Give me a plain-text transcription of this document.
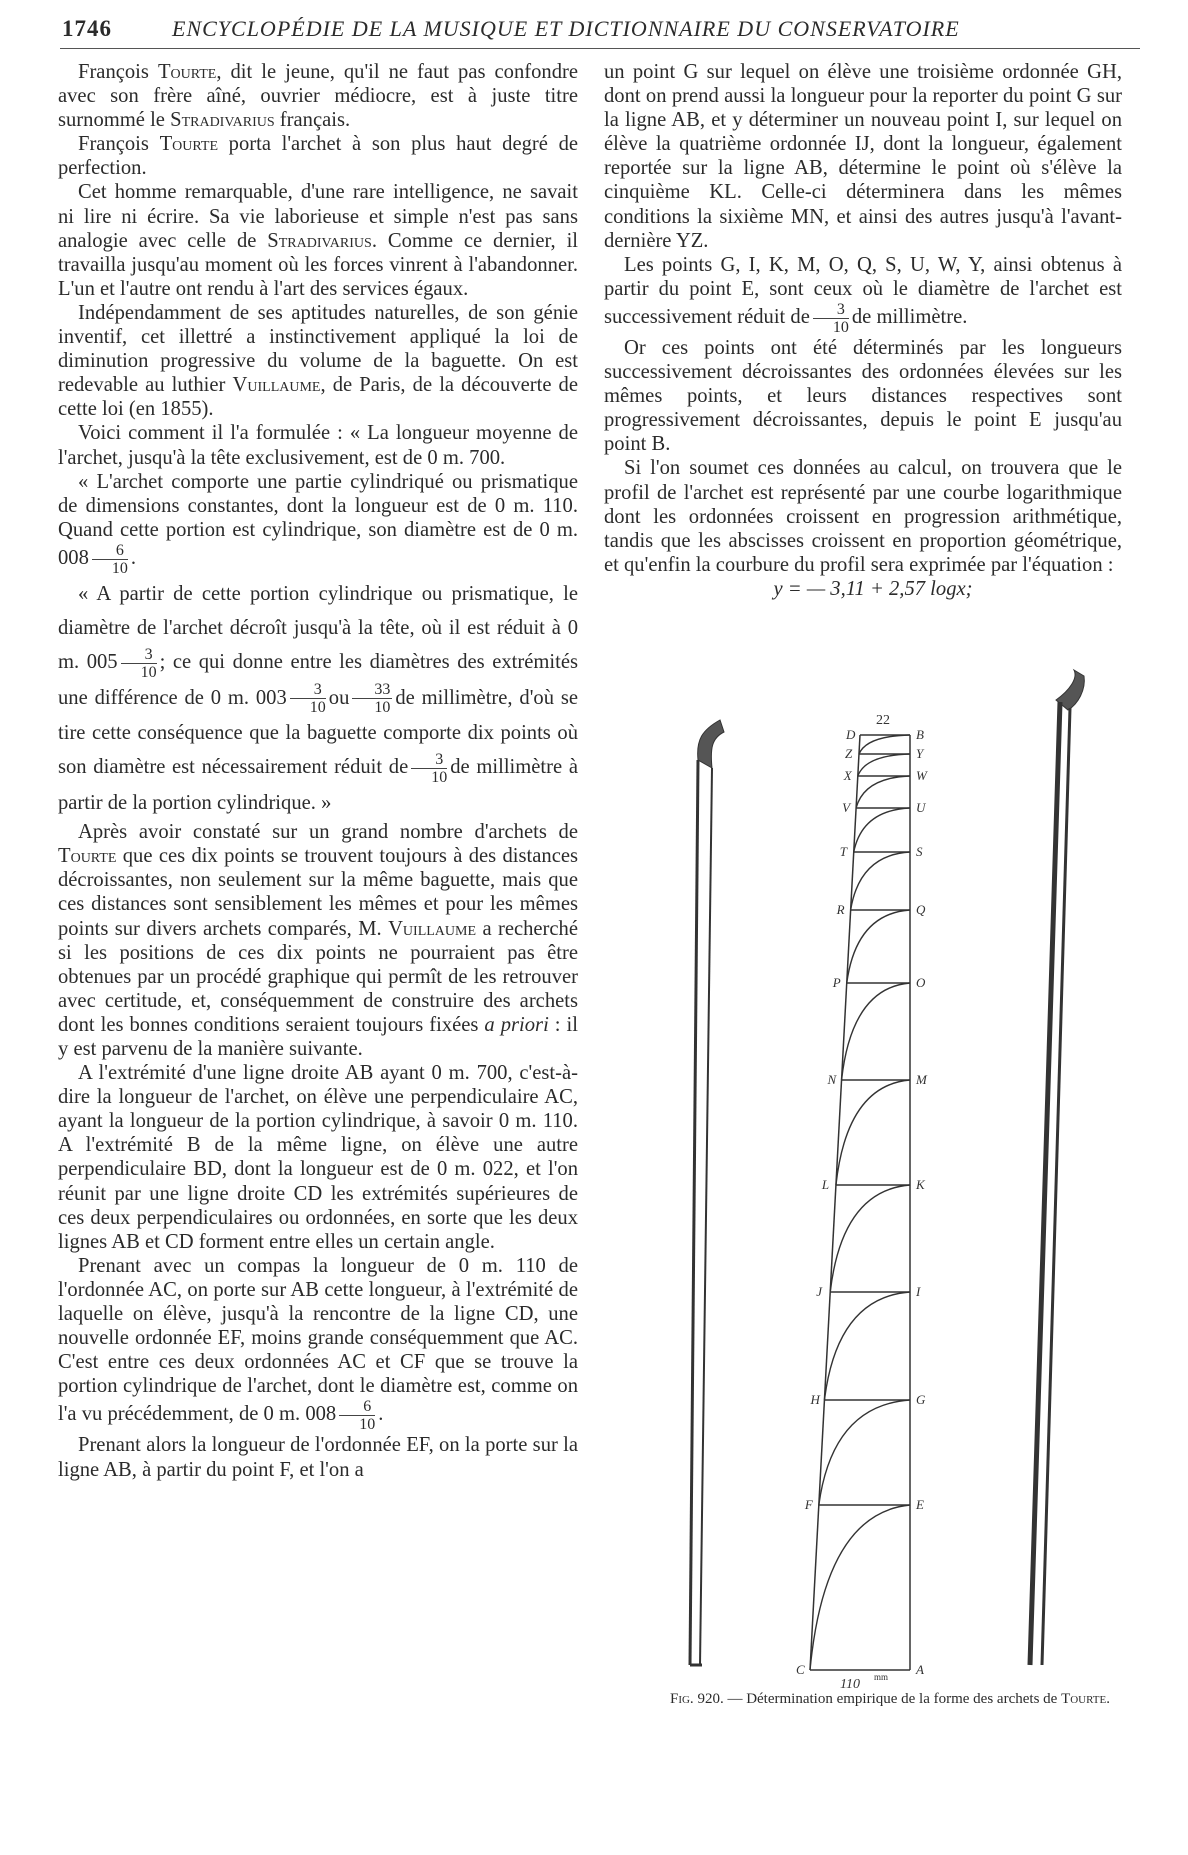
1746	ENCYCLOPÉDIE DE LA MUSIQUE ET DICTIONNAIRE DU CONSERVATOIRE

François Tourte, dit le jeune, qu'il ne faut pas confondre avec son frère aîné, ouvrier médiocre, est à juste titre surnommé le Stradivarius français.

François Tourte porta l'archet à son plus haut degré de perfection.

Cet homme remarquable, d'une rare intelligence, ne savait ni lire ni écrire. Sa vie laborieuse et simple n'est pas sans analogie avec celle de Stradivarius. Comme ce dernier, il travailla jusqu'au moment où les forces vinrent à l'abandonner. L'un et l'autre ont rendu à l'art des services égaux.

Indépendamment de ses aptitudes naturelles, de son génie inventif, cet illettré a instinctivement appliqué la loi de diminution progressive du volume de la baguette. On est redevable au luthier Vuillaume, de Paris, de la découverte de cette loi (en 1855).

Voici comment il l'a formulée : « La longueur moyenne de l'archet, jusqu'à la tête exclusivement, est de 0 m. 700.

« L'archet comporte une partie cylindriqué ou prismatique de dimensions constantes, dont la longueur est de 0 m. 110. Quand cette portion est cylindrique, son diamètre est de 0 m. $008 \frac{6}{10}$ .

« A partir de cette portion cylindrique ou prismatique, le diamètre de l'archet décroît jusqu'à la tête, où il est réduit à 0 m. $005 \frac{3}{10}$ ; ce qui donne entre les diamètres des extrémités une différence de 0 m. $003 \frac{3}{10}$ ou $\frac{33}{10}$ de millimètre, d'où se tire cette conséquence que la baguette comporte dix points où son diamètre est nécessairement réduit de $\frac{3}{10}$ de millimètre à partir de la portion cylindrique. »

Après avoir constaté sur un grand nombre d'archets de Tourte que ces dix points se trouvent toujours à des distances décroissantes, non seulement sur la même baguette, mais que ces distances sont sensiblement les mêmes et pour les mêmes points sur divers archets comparés, M. Vuillaume a recherché si les positions de ces dix points ne pourraient pas être obtenues par un procédé graphique qui permît de les retrouver avec certitude, et, conséquemment de construire des archets dont les bonnes conditions seraient toujours fixées a priori : il y est parvenu de la manière suivante.

A l'extrémité d'une ligne droite AB ayant 0 m. 700, c'est-à-dire la longueur de l'archet, on élève une perpendiculaire AC, ayant la longueur de la portion cylindrique, à savoir 0 m. 110. A l'extrémité B de la même ligne, on élève une autre perpendiculaire BD, dont la longueur est de 0 m. 022, et l'on réunit par une ligne droite CD les extrémités supérieures de ces deux perpendiculaires ou ordonnées, en sorte que les deux lignes AB et CD forment entre elles un certain angle.

Prenant avec un compas la longueur de 0 m. 110 de l'ordonnée AC, on porte sur AB cette longueur, à l'extrémité de laquelle on élève, jusqu'à la rencontre de la ligne CD, une nouvelle ordonnée EF, moins grande conséquemment que AC. C'est entre ces deux ordonnées AC et CF que se trouve la portion cylindrique de l'archet, dont le diamètre est, comme on l'a vu précédemment, de 0 m. $008 \frac{6}{10}$ .

Prenant alors la longueur de l'ordonnée EF, on la porte sur la ligne AB, à partir du point F, et l'on a

un point G sur lequel on élève une troisième ordonnée GH, dont on prend aussi la longueur pour la reporter du point G sur la ligne AB, et y déterminer un nouveau point I, sur lequel on élève la quatrième ordonnée IJ, dont la longueur, également reportée sur la ligne AB, détermine le point où s'élève la cinquième KL. Celle-ci déterminera dans les mêmes conditions la sixième MN, et ainsi des autres jusqu'à l'avant-dernière YZ.

Les points G, I, K, M, O, Q, S, U, W, Y, ainsi obtenus à partir du point E, sont ceux où le diamètre de l'archet est successivement réduit de $\frac{3}{10}$ de millimètre.

Or ces points ont été déterminés par les longueurs successivement décroissantes des ordonnées élevées sur les mêmes points, et leurs distances respectives sont progressivement décroissantes, depuis le point E jusqu'au point B.

Si l'on soumet ces données au calcul, on trouvera que le profil de l'archet est représenté par une courbe logarithmique dont les ordonnées croissent en progression arithmétique, tandis que les abscisses croissent en proportion géométrique, et qu'enfin la courbure du profil sera exprimée par l'équation :

y = — 3,11 + 2,57 logx;

C	A
F	E
H	G
J	I
L	K
N	M
P	O
R	Q
T	S
V	U
X	W
Z	Y
D	B
22
110 mm
Fig. 920. — Détermination empirique de la forme des archets de Tourte.
